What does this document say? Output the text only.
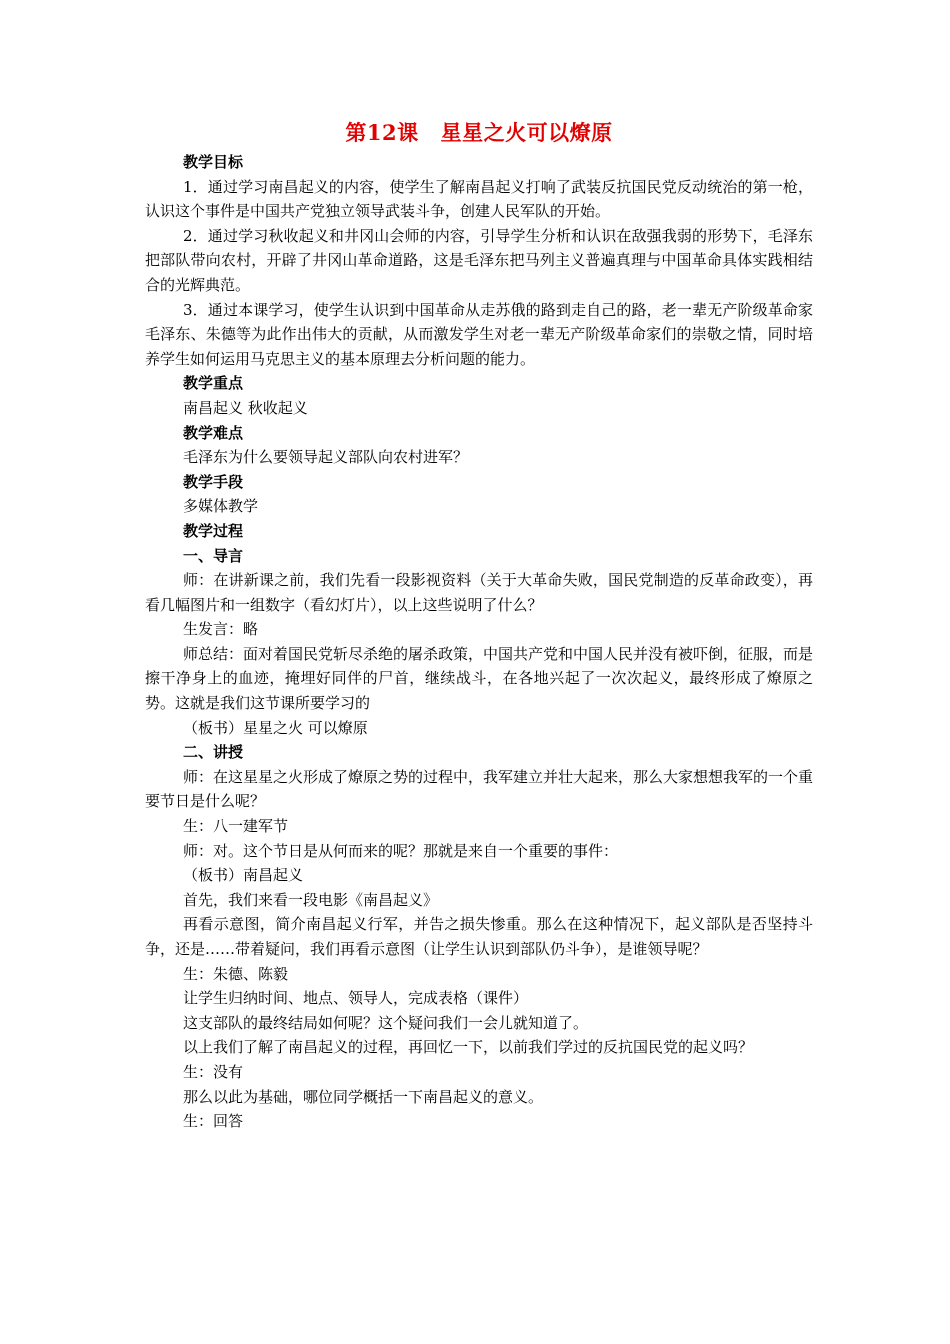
第12课 星星之火可以燎原

教学目标

1．通过学习南昌起义的内容，使学生了解南昌起义打响了武装反抗国民党反动统治的第一枪，认识这个事件是中国共产党独立领导武装斗争，创建人民军队的开始。

2．通过学习秋收起义和井冈山会师的内容，引导学生分析和认识在敌强我弱的形势下，毛泽东把部队带向农村，开辟了井冈山革命道路，这是毛泽东把马列主义普遍真理与中国革命具体实践相结合的光辉典范。

3．通过本课学习，使学生认识到中国革命从走苏俄的路到走自己的路，老一辈无产阶级革命家毛泽东、朱德等为此作出伟大的贡献，从而激发学生对老一辈无产阶级革命家们的崇敬之情，同时培养学生如何运用马克思主义的基本原理去分析问题的能力。

教学重点

南昌起义 秋收起义

教学难点

毛泽东为什么要领导起义部队向农村进军？

教学手段

多媒体教学

教学过程

一、导言

师：在讲新课之前，我们先看一段影视资料（关于大革命失败，国民党制造的反革命政变），再看几幅图片和一组数字（看幻灯片），以上这些说明了什么？

生发言：略

师总结：面对着国民党斩尽杀绝的屠杀政策，中国共产党和中国人民并没有被吓倒，征服，而是擦干净身上的血迹，掩埋好同伴的尸首，继续战斗，在各地兴起了一次次起义，最终形成了燎原之势。这就是我们这节课所要学习的

（板书）星星之火 可以燎原

二、讲授

师：在这星星之火形成了燎原之势的过程中，我军建立并壮大起来，那么大家想想我军的一个重要节日是什么呢？

生：八一建军节

师：对。这个节日是从何而来的呢？那就是来自一个重要的事件：

（板书）南昌起义

首先，我们来看一段电影《南昌起义》

再看示意图，简介南昌起义行军，并告之损失惨重。那么在这种情况下，起义部队是否坚持斗争，还是……带着疑问，我们再看示意图（让学生认识到部队仍斗争），是谁领导呢？

生：朱德、陈毅

让学生归纳时间、地点、领导人，完成表格（课件）

这支部队的最终结局如何呢？这个疑问我们一会儿就知道了。

以上我们了解了南昌起义的过程，再回忆一下，以前我们学过的反抗国民党的起义吗？

生：没有

那么以此为基础，哪位同学概括一下南昌起义的意义。

生：回答
